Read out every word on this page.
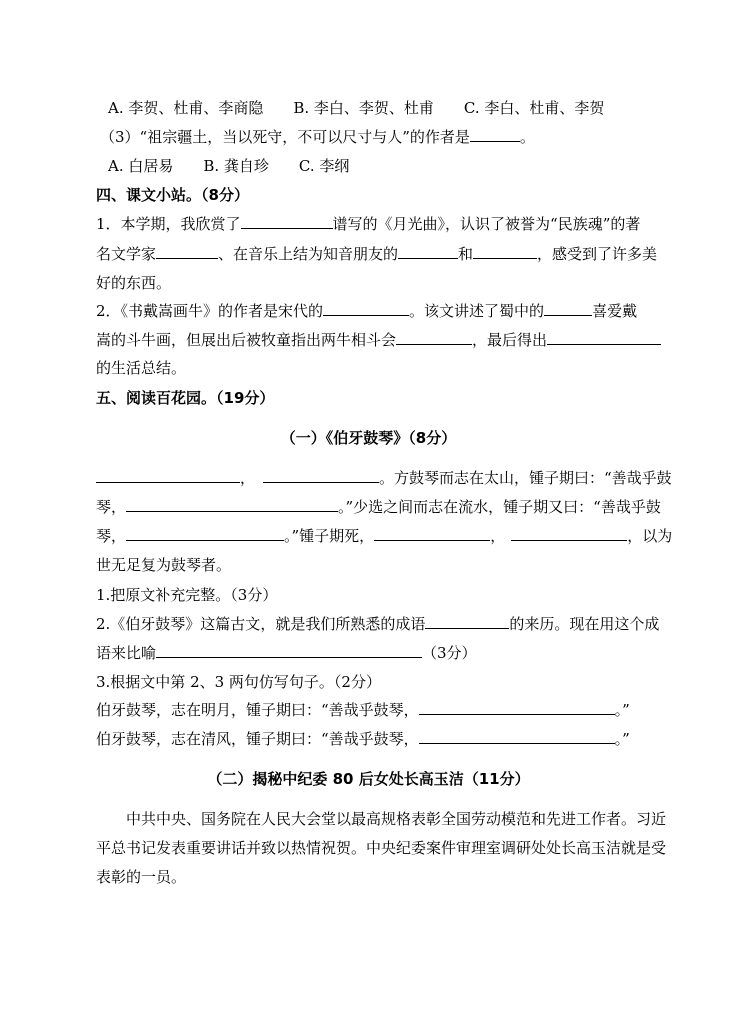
A. 李贺、杜甫、李商隐　　B. 李白、李贺、杜甫　　C. 李白、杜甫、李贺
（3）“祖宗疆土，当以死守，不可以尺寸与人”的作者是	。
A. 白居易　　B. 龚自珍　　C. 李纲
四、课文小站。（8分）
1．本学期，我欣赏了	谱写的《月光曲》，认识了被誉为“民族魂”的著
名文学家	、在音乐上结为知音朋友的	和	，感受到了许多美
好的东西。
2．《书戴嵩画牛》的作者是宋代的	。该文讲述了蜀中的	喜爱戴
嵩的斗牛画，但展出后被牧童指出两牛相斗会	，最后得出
的生活总结。
五、阅读百花园。（19分）
（一）《伯牙鼓琴》（8分）
，	。方鼓琴而志在太山，锺子期曰：“善哉乎鼓
琴，	。”少选之间而志在流水，锺子期又曰：“善哉乎鼓
琴，	。”锺子期死，	，	，以为
世无足复为鼓琴者。
1.把原文补充完整。（3分）
2.《伯牙鼓琴》这篇古文，就是我们所熟悉的成语	的来历。现在用这个成
语来比喻	（3分）
3.根据文中第 2、3 两句仿写句子。（2分）
伯牙鼓琴，志在明月，锺子期曰：“善哉乎鼓琴，	。”
伯牙鼓琴，志在清风，锺子期曰：“善哉乎鼓琴，	。”
（二）揭秘中纪委 80 后女处长高玉洁（11分）
中共中央、国务院在人民大会堂以最高规格表彰全国劳动模范和先进工作者。习近
平总书记发表重要讲话并致以热情祝贺。中央纪委案件审理室调研处处长高玉洁就是受
表彰的一员。
